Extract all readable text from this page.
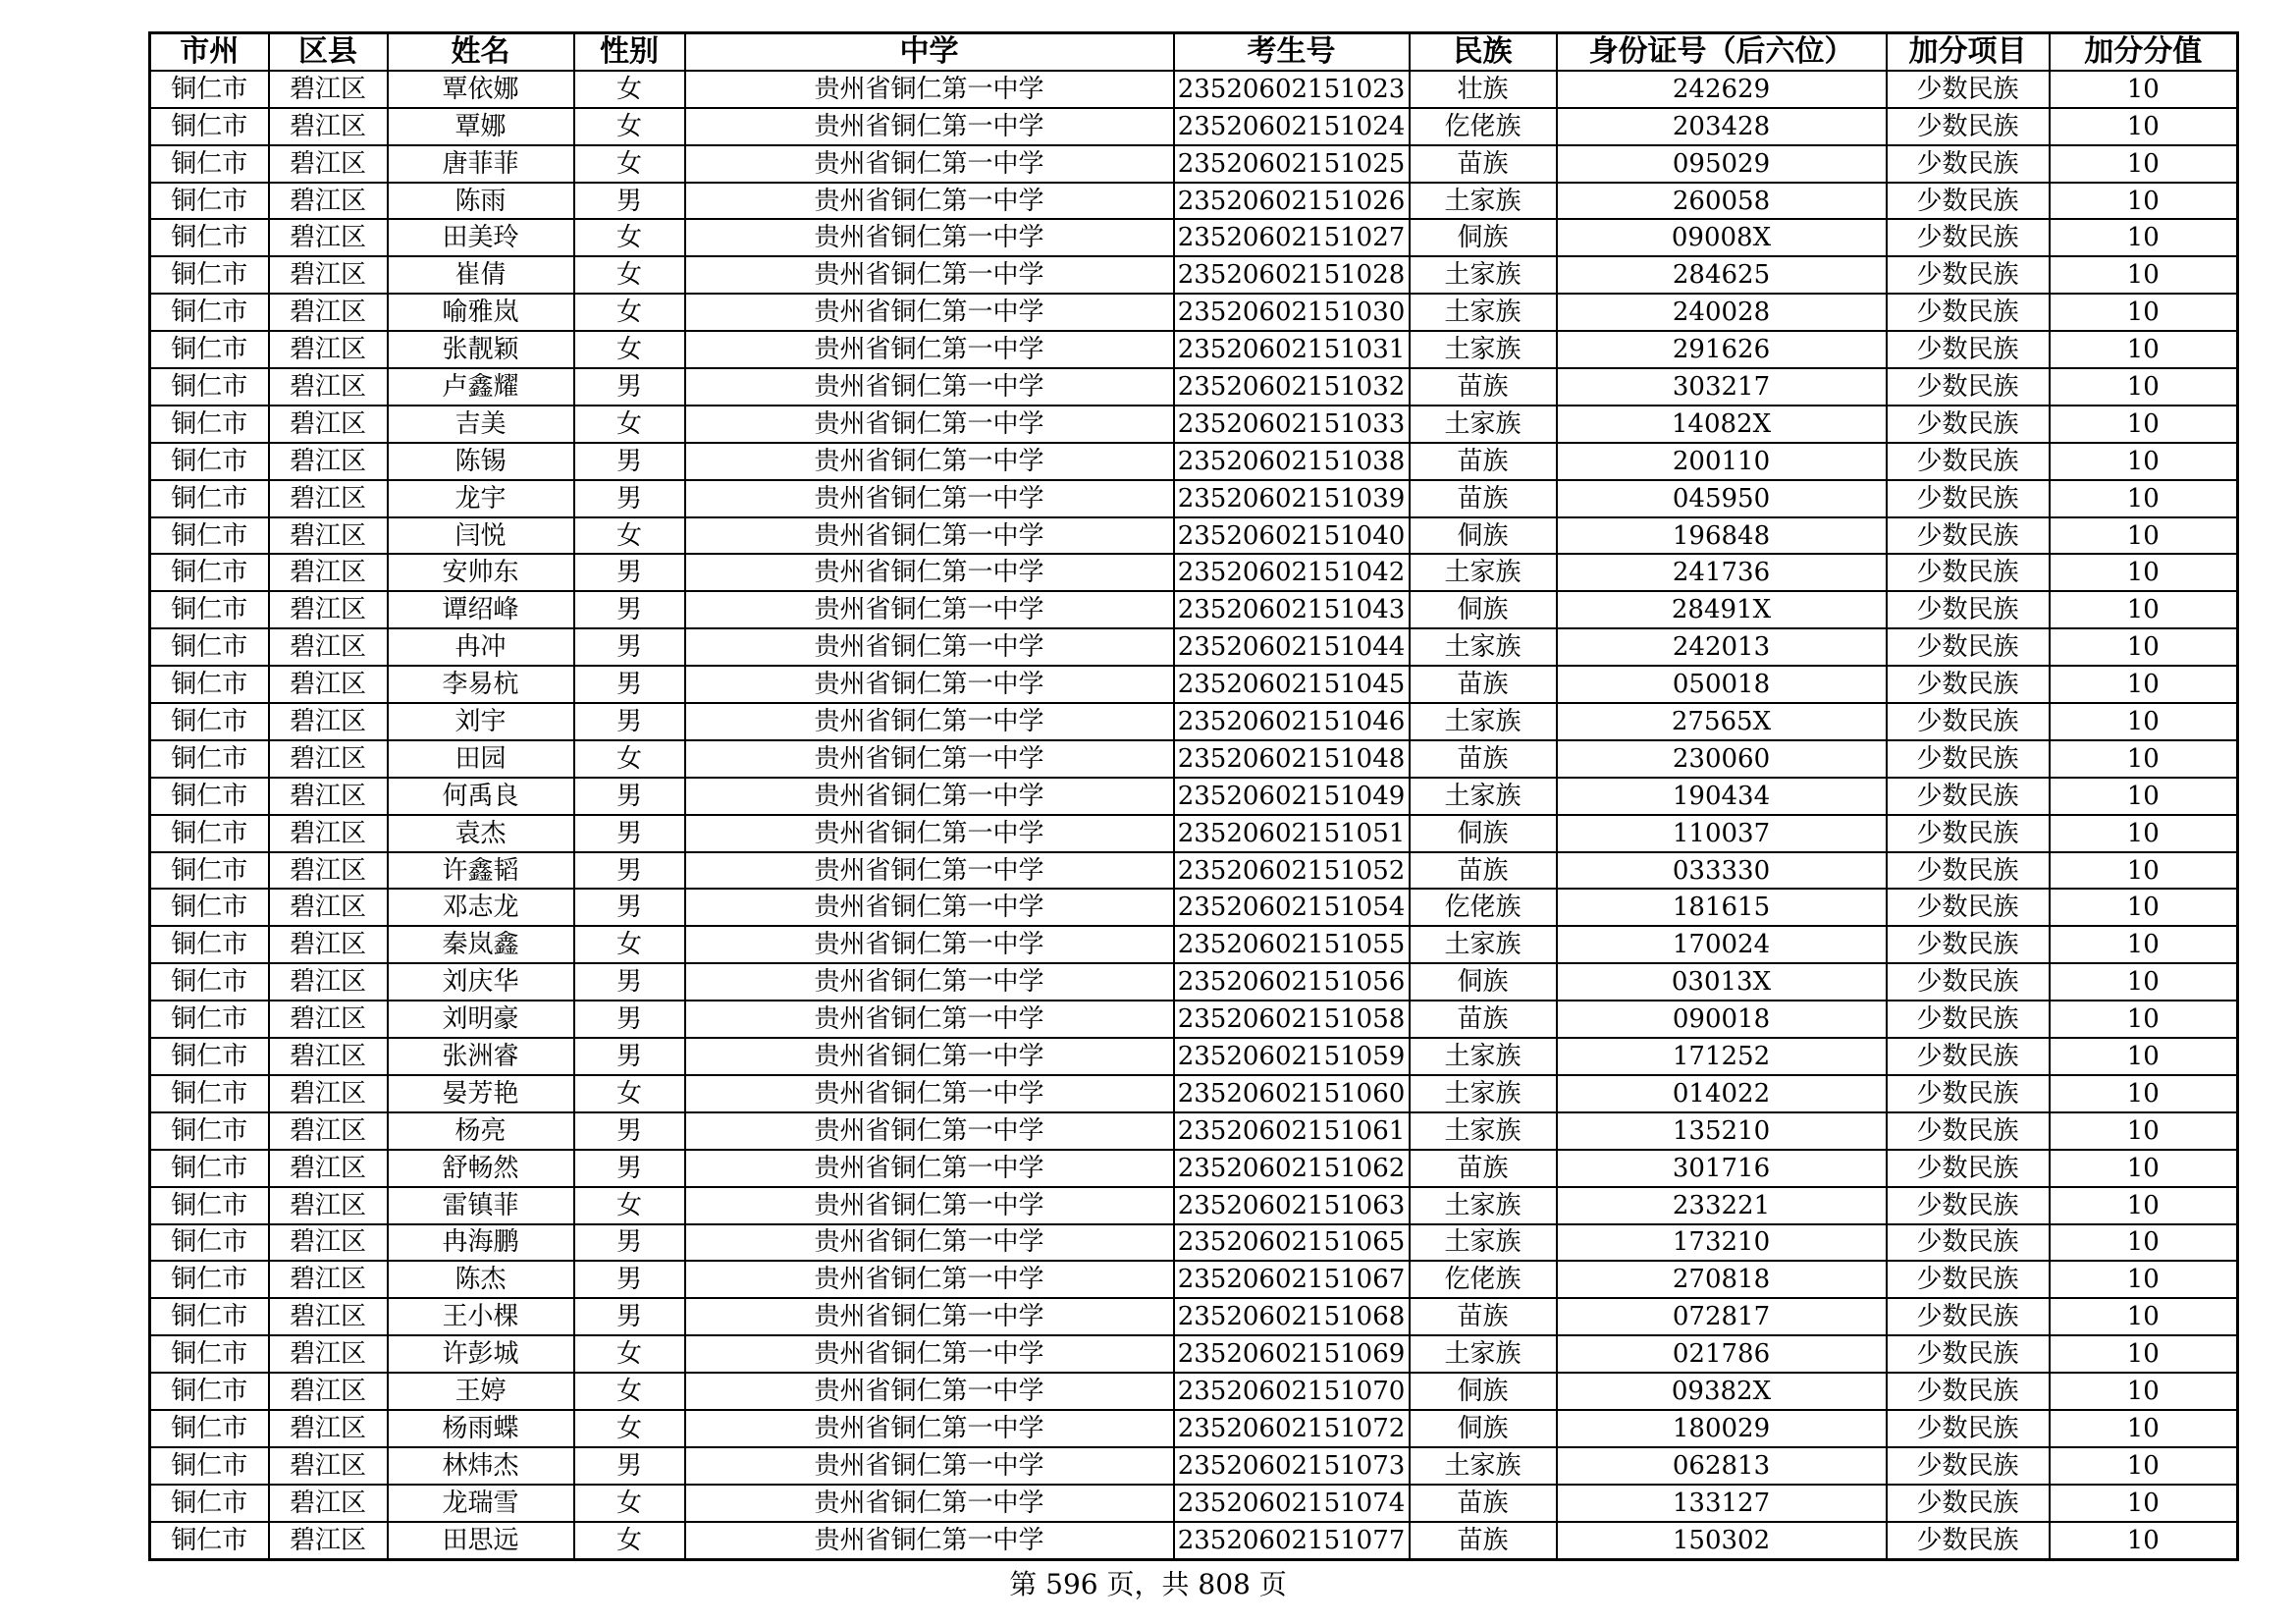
市州	区县	姓名	性别	中学	考生号	民族	身份证号（后六位）	加分项目	加分分值
铜仁市	碧江区	覃依娜	女	贵州省铜仁第一中学	23520602151023	壮族	242629	少数民族	10
铜仁市	碧江区	覃娜	女	贵州省铜仁第一中学	23520602151024	仡佬族	203428	少数民族	10
铜仁市	碧江区	唐菲菲	女	贵州省铜仁第一中学	23520602151025	苗族	095029	少数民族	10
铜仁市	碧江区	陈雨	男	贵州省铜仁第一中学	23520602151026	土家族	260058	少数民族	10
铜仁市	碧江区	田美玲	女	贵州省铜仁第一中学	23520602151027	侗族	09008X	少数民族	10
铜仁市	碧江区	崔倩	女	贵州省铜仁第一中学	23520602151028	土家族	284625	少数民族	10
铜仁市	碧江区	喻雅岚	女	贵州省铜仁第一中学	23520602151030	土家族	240028	少数民族	10
铜仁市	碧江区	张靓颖	女	贵州省铜仁第一中学	23520602151031	土家族	291626	少数民族	10
铜仁市	碧江区	卢鑫耀	男	贵州省铜仁第一中学	23520602151032	苗族	303217	少数民族	10
铜仁市	碧江区	吉美	女	贵州省铜仁第一中学	23520602151033	土家族	14082X	少数民族	10
铜仁市	碧江区	陈锡	男	贵州省铜仁第一中学	23520602151038	苗族	200110	少数民族	10
铜仁市	碧江区	龙宇	男	贵州省铜仁第一中学	23520602151039	苗族	045950	少数民族	10
铜仁市	碧江区	闫悦	女	贵州省铜仁第一中学	23520602151040	侗族	196848	少数民族	10
铜仁市	碧江区	安帅东	男	贵州省铜仁第一中学	23520602151042	土家族	241736	少数民族	10
铜仁市	碧江区	谭绍峰	男	贵州省铜仁第一中学	23520602151043	侗族	28491X	少数民族	10
铜仁市	碧江区	冉冲	男	贵州省铜仁第一中学	23520602151044	土家族	242013	少数民族	10
铜仁市	碧江区	李易杭	男	贵州省铜仁第一中学	23520602151045	苗族	050018	少数民族	10
铜仁市	碧江区	刘宇	男	贵州省铜仁第一中学	23520602151046	土家族	27565X	少数民族	10
铜仁市	碧江区	田园	女	贵州省铜仁第一中学	23520602151048	苗族	230060	少数民族	10
铜仁市	碧江区	何禹良	男	贵州省铜仁第一中学	23520602151049	土家族	190434	少数民族	10
铜仁市	碧江区	袁杰	男	贵州省铜仁第一中学	23520602151051	侗族	110037	少数民族	10
铜仁市	碧江区	许鑫韬	男	贵州省铜仁第一中学	23520602151052	苗族	033330	少数民族	10
铜仁市	碧江区	邓志龙	男	贵州省铜仁第一中学	23520602151054	仡佬族	181615	少数民族	10
铜仁市	碧江区	秦岚鑫	女	贵州省铜仁第一中学	23520602151055	土家族	170024	少数民族	10
铜仁市	碧江区	刘庆华	男	贵州省铜仁第一中学	23520602151056	侗族	03013X	少数民族	10
铜仁市	碧江区	刘明豪	男	贵州省铜仁第一中学	23520602151058	苗族	090018	少数民族	10
铜仁市	碧江区	张洲睿	男	贵州省铜仁第一中学	23520602151059	土家族	171252	少数民族	10
铜仁市	碧江区	晏芳艳	女	贵州省铜仁第一中学	23520602151060	土家族	014022	少数民族	10
铜仁市	碧江区	杨亮	男	贵州省铜仁第一中学	23520602151061	土家族	135210	少数民族	10
铜仁市	碧江区	舒畅然	男	贵州省铜仁第一中学	23520602151062	苗族	301716	少数民族	10
铜仁市	碧江区	雷镇菲	女	贵州省铜仁第一中学	23520602151063	土家族	233221	少数民族	10
铜仁市	碧江区	冉海鹏	男	贵州省铜仁第一中学	23520602151065	土家族	173210	少数民族	10
铜仁市	碧江区	陈杰	男	贵州省铜仁第一中学	23520602151067	仡佬族	270818	少数民族	10
铜仁市	碧江区	王小棵	男	贵州省铜仁第一中学	23520602151068	苗族	072817	少数民族	10
铜仁市	碧江区	许彭城	女	贵州省铜仁第一中学	23520602151069	土家族	021786	少数民族	10
铜仁市	碧江区	王婷	女	贵州省铜仁第一中学	23520602151070	侗族	09382X	少数民族	10
铜仁市	碧江区	杨雨蝶	女	贵州省铜仁第一中学	23520602151072	侗族	180029	少数民族	10
铜仁市	碧江区	林炜杰	男	贵州省铜仁第一中学	23520602151073	土家族	062813	少数民族	10
铜仁市	碧江区	龙瑞雪	女	贵州省铜仁第一中学	23520602151074	苗族	133127	少数民族	10
铜仁市	碧江区	田思远	女	贵州省铜仁第一中学	23520602151077	苗族	150302	少数民族	10
第 596 页，共 808 页
